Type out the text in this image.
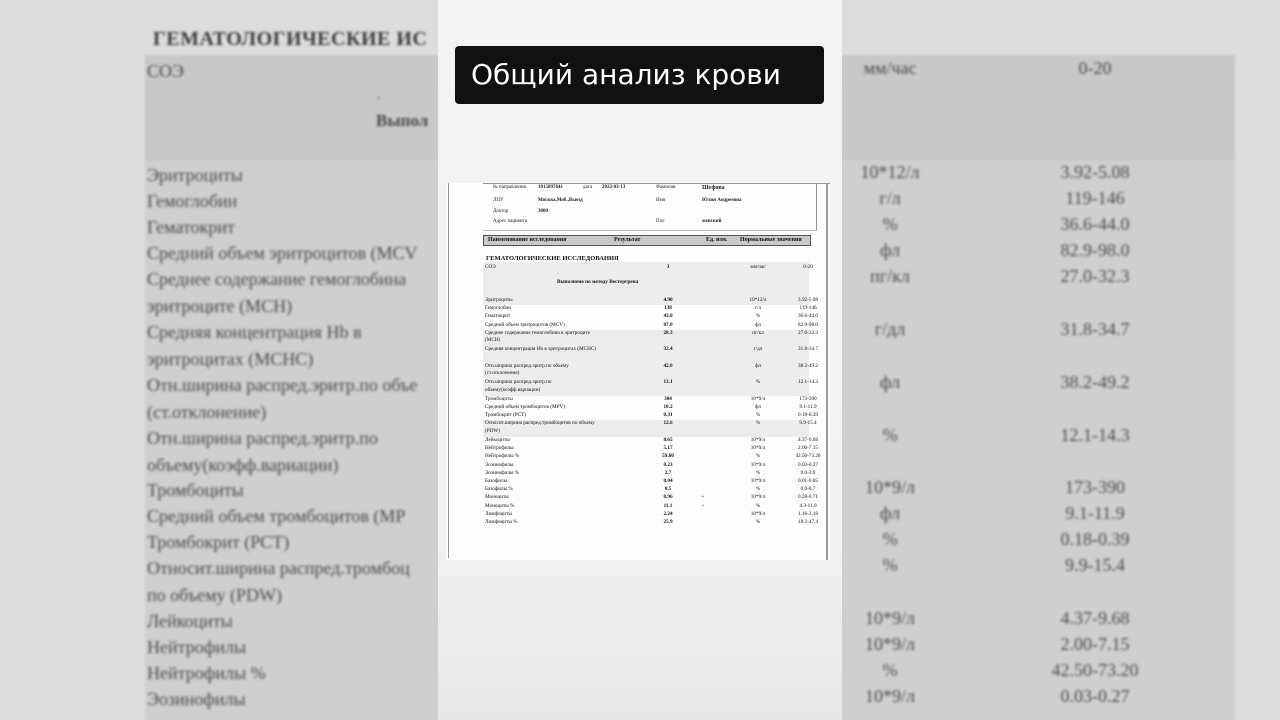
ГЕМАТОЛОГИЧЕСКИЕ ИС
СОЭ	мм/час	0-20
.
Выпол
Эритроциты	10*12/л	3.92-5.08
Гемоглобин	г/л	119-146
Гематокрит	%	36.6-44.0
Средний объем эритроцитов (MCV	фл	82.9-98.0
Среднее содержание гемоглобина
эритроците (MCH)
пг/кл	27.0-32.3
Средняя концентрация Hb в
эритроцитах (MCHC)
г/дл	31.8-34.7
Отн.ширина распред.эритр.по объе
(ст.отклонение)
фл	38.2-49.2
Отн.ширина распред.эритр.по
объему(коэфф.вариации)
%	12.1-14.3
Тромбоциты	10*9/л	173-390
Средний объем тромбоцитов (MP	фл	9.1-11.9
Тромбокрит (PCT)	%	0.18-0.39
Относит.ширина распред.тромбоц
по объему (PDW)
%	9.9-15.4
Лейкоциты	10*9/л	4.37-9.68
Нейтрофилы	10*9/л	2.00-7.15
Нейтрофилы %	%	42.50-73.20
Эозинофилы	10*9/л	0.03-0.27
Общий анализ крови
№ направления 1015897641	дата 2022-03-13	Фамилия	Шефова
ЛПУ	Москва,Моб.,Выезд	Имя	Юлия Андреевна
Доктор	3000
Адрес пациента	Пол	женский
Наименование исследования	Результат	Ед. изм. Нормальные значения
ГЕМАТОЛОГИЧЕСКИЕ ИССЛЕДОВАНИЯ
СОЭ	3	мм/час	0-20
.
Выполнено по методу Вестергрена
Эритроциты	4.90	10*12/л	3.92-5.08
Гемоглобин	138	г/л	119-146
Гематокрит	43.0	%	36.6-44.0
Средний объем эритроцитов (MCV)	87.0	фл	82.9-98.0
Среднее содержание гемоглобина в эритроците (MCH)
28.3	пг/кл	27.0-32.3
Средняя концентрация Hb в эритроцитах (MCHC)	32.4	г/дл	31.8-34.7
Отн.ширина распред.эритр.по объему (ст.отклонение)
42.0	фл	38.2-49.2
Отн.ширина распред.эритр.по объему(коэфф.вариации)
13.1	%	12.1-14.3
Тромбоциты	304	10*9/л	173-390
Средний объем тромбоцитов (MPV)	10.2	фл	9.1-11.9
Тромбокрит (PCT)	0.31	%	0.18-0.39
Относит.ширина распред.тромбоцитов по объему (PDW)
12.6	%	9.9-15.4
Лейкоциты	8.65	10*9/л	4.37-9.68
Нейтрофилы	5.17	10*9/л	2.00-7.15
Нейтрофилы %	59.80	%	42.50-73.20
Эозинофилы	0.23	10*9/л	0.03-0.27
Эозинофилы %	2.7	%	0.0-3.0
Базофилы	0.04	10*9/л	0.01-0.05
Базофилы %	0.5	%	0.0-0.7
Моноциты	0.96	+	10*9/л	0.28-0.71
Моноциты %	11.1	+	%	4.3-11.0
Лимфоциты	2.24	10*9/л	1.16-3.18
Лимфоциты %	25.9	%	18.2-47.4
